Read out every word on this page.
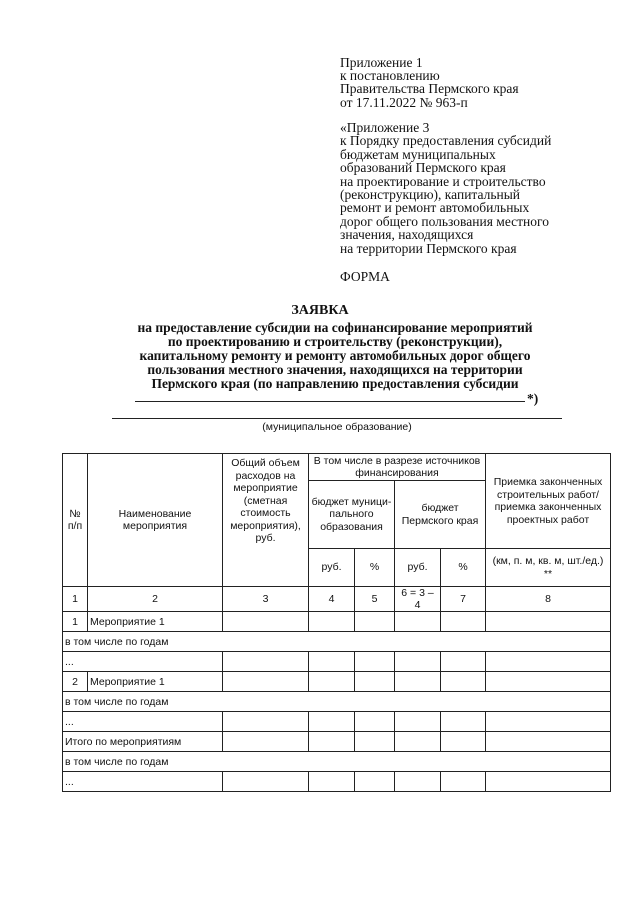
Приложение 1
к постановлению
Правительства Пермского края
от 17.11.2022 № 963-п
«Приложение 3
к Порядку предоставления субсидий
бюджетам муниципальных
образований Пермского края
на проектирование и строительство
(реконструкцию), капитальный
ремонт и ремонт автомобильных
дорог общего пользования местного
значения, находящихся
на территории Пермского края
ФОРМА
ЗАЯВКА
на предоставление субсидии на софинансирование мероприятий
по проектированию и строительству (реконструкции),
капитальному ремонту и ремонту автомобильных дорог общего
пользования местного значения, находящихся на территории
Пермского края (по направлению предоставления субсидии
*)
(муниципальное образование)
№ п/п	Наименование мероприятия	Общий объем расходов на мероприятие (сметная стоимость мероприятия), руб.	В том числе в разрезе источников финансирования				Приемка законченных строительных работ/приемка законченных проектных работ
			бюджет муници-пального образования		бюджет Пермского края		
			руб.	%	руб.	%	(км, п. м, кв. м, шт./ед.) **
1	2	3	4	5	6 = 3 – 4	7	8
1	Мероприятие 1						
в том числе по годам							
...							
2	Мероприятие 1						
в том числе по годам							
...							
Итого по мероприятиям							
в том числе по годам							
...							
